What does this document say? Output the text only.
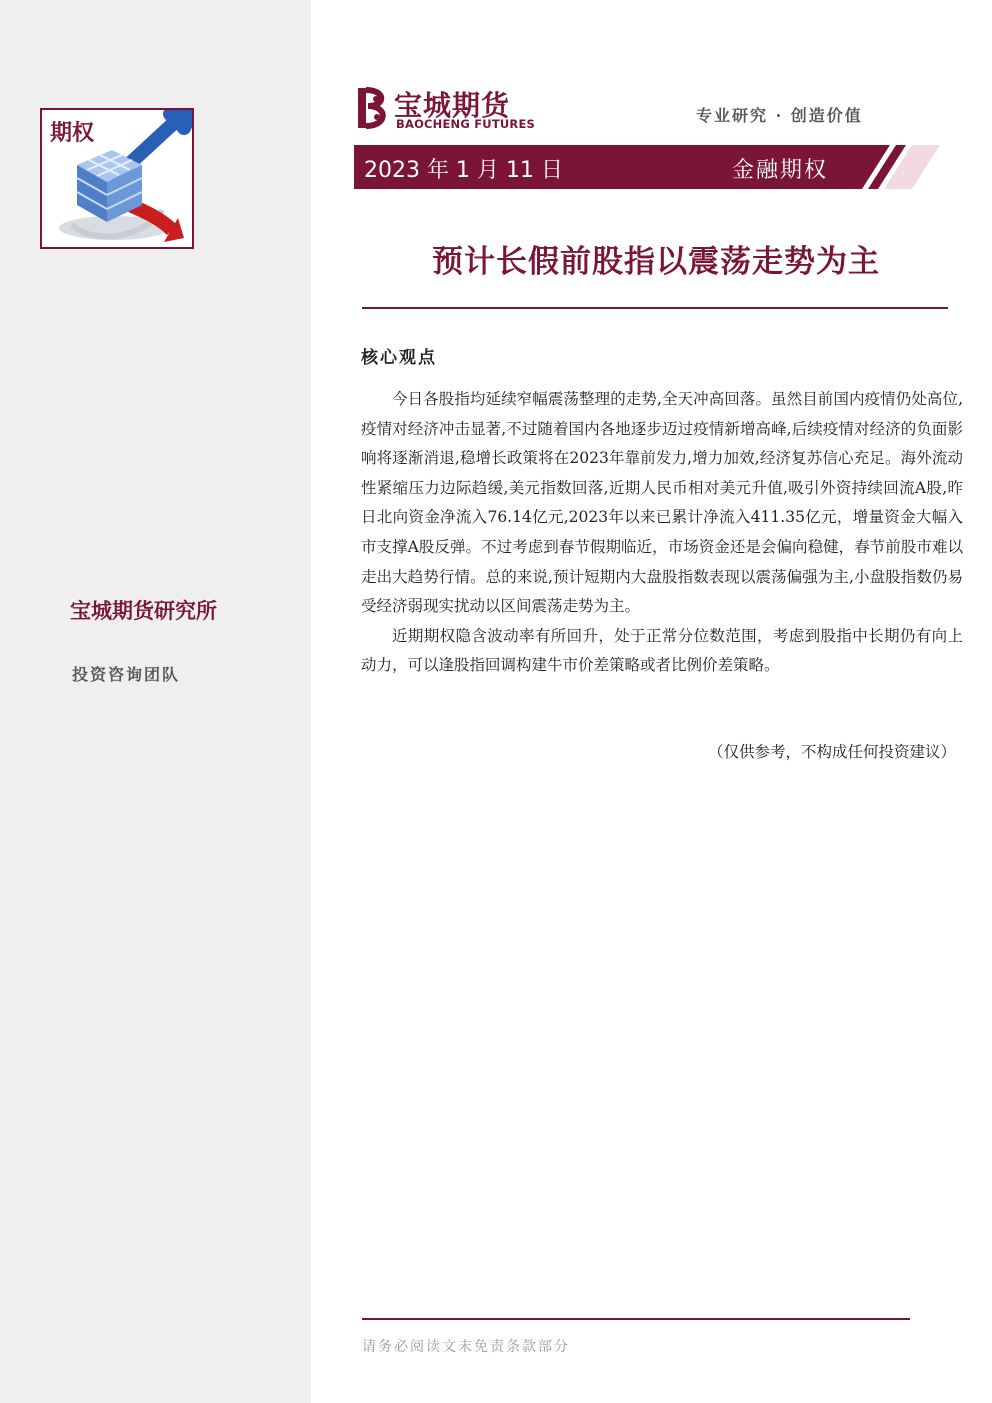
期权
宝城期货研究所
投资咨询团队
宝城期货
BAOCHENG FUTURES	专业研究 · 创造价值
2023 年 1 月 11 日	金融期权
预计长假前股指以震荡走势为主
核心观点

今日各股指均延续窄幅震荡整理的走势,全天冲高回落。虽然目前国内疫情仍处高位,疫情对经济冲击显著,不过随着国内各地逐步迈过疫情新增高峰,后续疫情对经济的负面影响将逐渐消退,稳增长政策将在2023年靠前发力,增力加效,经济复苏信心充足。海外流动性紧缩压力边际趋缓,美元指数回落,近期人民币相对美元升值,吸引外资持续回流A股,昨日北向资金净流入76.14亿元,2023年以来已累计净流入411.35亿元，增量资金大幅入市支撑A股反弹。不过考虑到春节假期临近，市场资金还是会偏向稳健，春节前股市难以走出大趋势行情。总的来说,预计短期内大盘股指数表现以震荡偏强为主,小盘股指数仍易受经济弱现实扰动以区间震荡走势为主。

近期期权隐含波动率有所回升，处于正常分位数范围，考虑到股指中长期仍有向上动力，可以逢股指回调构建牛市价差策略或者比例价差策略。

（仅供参考，不构成任何投资建议）
请务必阅读文末免责条款部分
